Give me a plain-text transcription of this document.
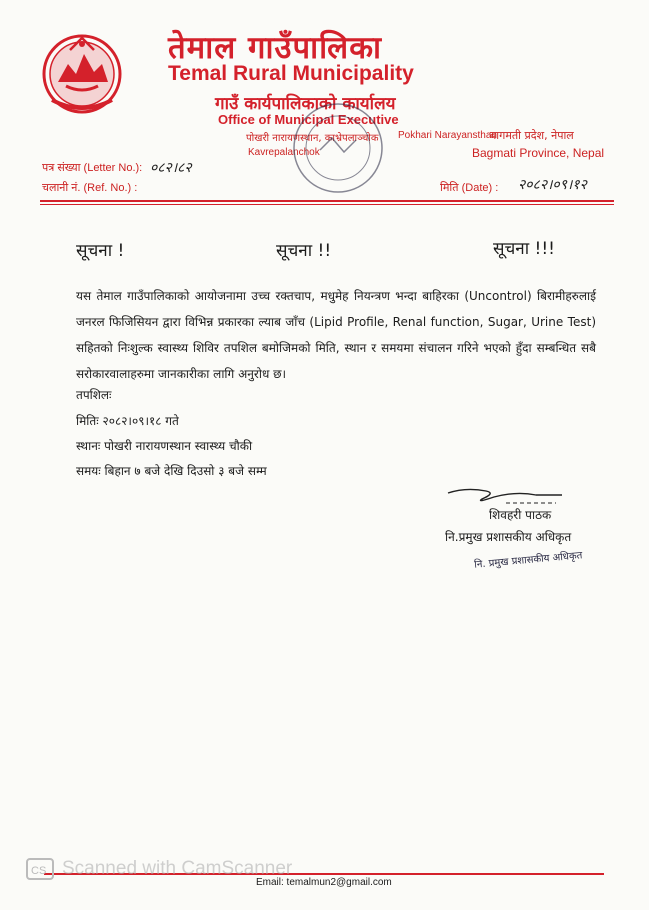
तेमाल गाउँपालिका
Temal Rural Municipality
गाउँ कार्यपालिकाको कार्यालय
Office of Municipal Executive
पोखरी नारायणस्थान, काभ्रेपलाञ्चोक Pokhari Narayansthan
Kavrepalanchok
बागमती प्रदेश, नेपाल
Bagmati Province, Nepal
पत्र संख्या (Letter No.): ०८२।८२
चलानी नं. (Ref. No.) :	मिति (Date) : २०८२।०९।१२
सूचना !	सूचना !!	सूचना !!!
यस तेमाल गाउँपालिकाको आयोजनामा उच्च रक्तचाप, मधुमेह नियन्त्रण भन्दा बाहिरका (Uncontrol) बिरामीहरुलाई जनरल फिजिसियन द्वारा विभिन्न प्रकारका ल्याब जाँच (Lipid Profile, Renal function, Sugar, Urine Test) सहितको निःशुल्क स्वास्थ्य शिविर तपशिल बमोजिमको मिति, स्थान र समयमा संचालन गरिने भएको हुँदा सम्बन्धित सबै सरोकारवालाहरुमा जानकारीका लागि अनुरोध छ।
तपशिलः
मितिः २०८२।०९।१८ गते
स्थानः पोखरी नारायणस्थान स्वास्थ्य चौकी
समयः बिहान ७ बजे देखि दिउसो ३ बजे सम्म
शिवहरी पाठक
नि.प्रमुख प्रशासकीय अधिकृत
नि. प्रमुख प्रशासकीय अधिकृत
CS Scanned with CamScanner
Email: temalmun2@gmail.com
